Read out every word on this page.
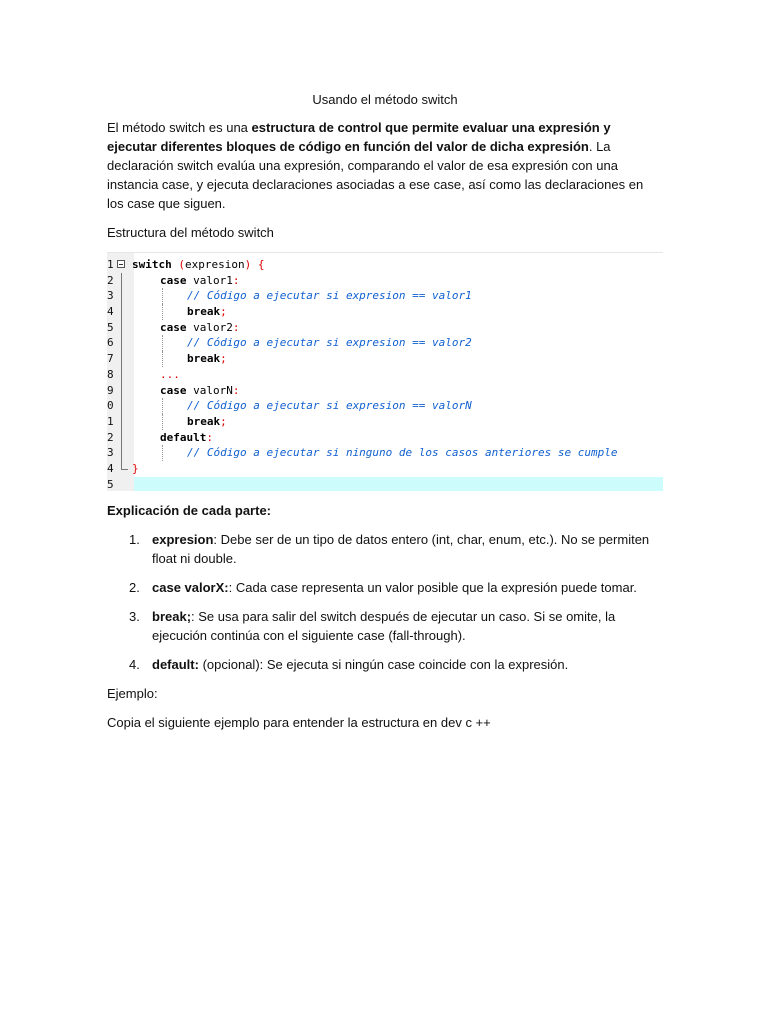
Usando el método switch

El método switch es una estructura de control que permite evaluar una expresión y ejecutar diferentes bloques de código en función del valor de dicha expresión. La declaración switch evalúa una expresión, comparando el valor de esa expresión con una instancia case, y ejecuta declaraciones asociadas a ese case, así como las declaraciones en los case que siguen.

Estructura del método switch

1

	switch (expresion) {

2

	case valor1:

3

	// Código a ejecutar si expresion == valor1

4

	break;

5

	case valor2:

6

	// Código a ejecutar si expresion == valor2

7

	break;

8

	...

9

	case valorN:

0

	// Código a ejecutar si expresion == valorN

1

	break;

2

	default:

3

	// Código a ejecutar si ninguno de los casos anteriores se cumple

4

	}

5

Explicación de cada parte:

1. expresion: Debe ser de un tipo de datos entero (int, char, enum, etc.). No se permiten float ni double.
2. case valorX:: Cada case representa un valor posible que la expresión puede tomar.
3. break;: Se usa para salir del switch después de ejecutar un caso. Si se omite, la ejecución continúa con el siguiente case (fall-through).
4. default: (opcional): Se ejecuta si ningún case coincide con la expresión.

Ejemplo:

Copia el siguiente ejemplo para entender la estructura en dev c ++
